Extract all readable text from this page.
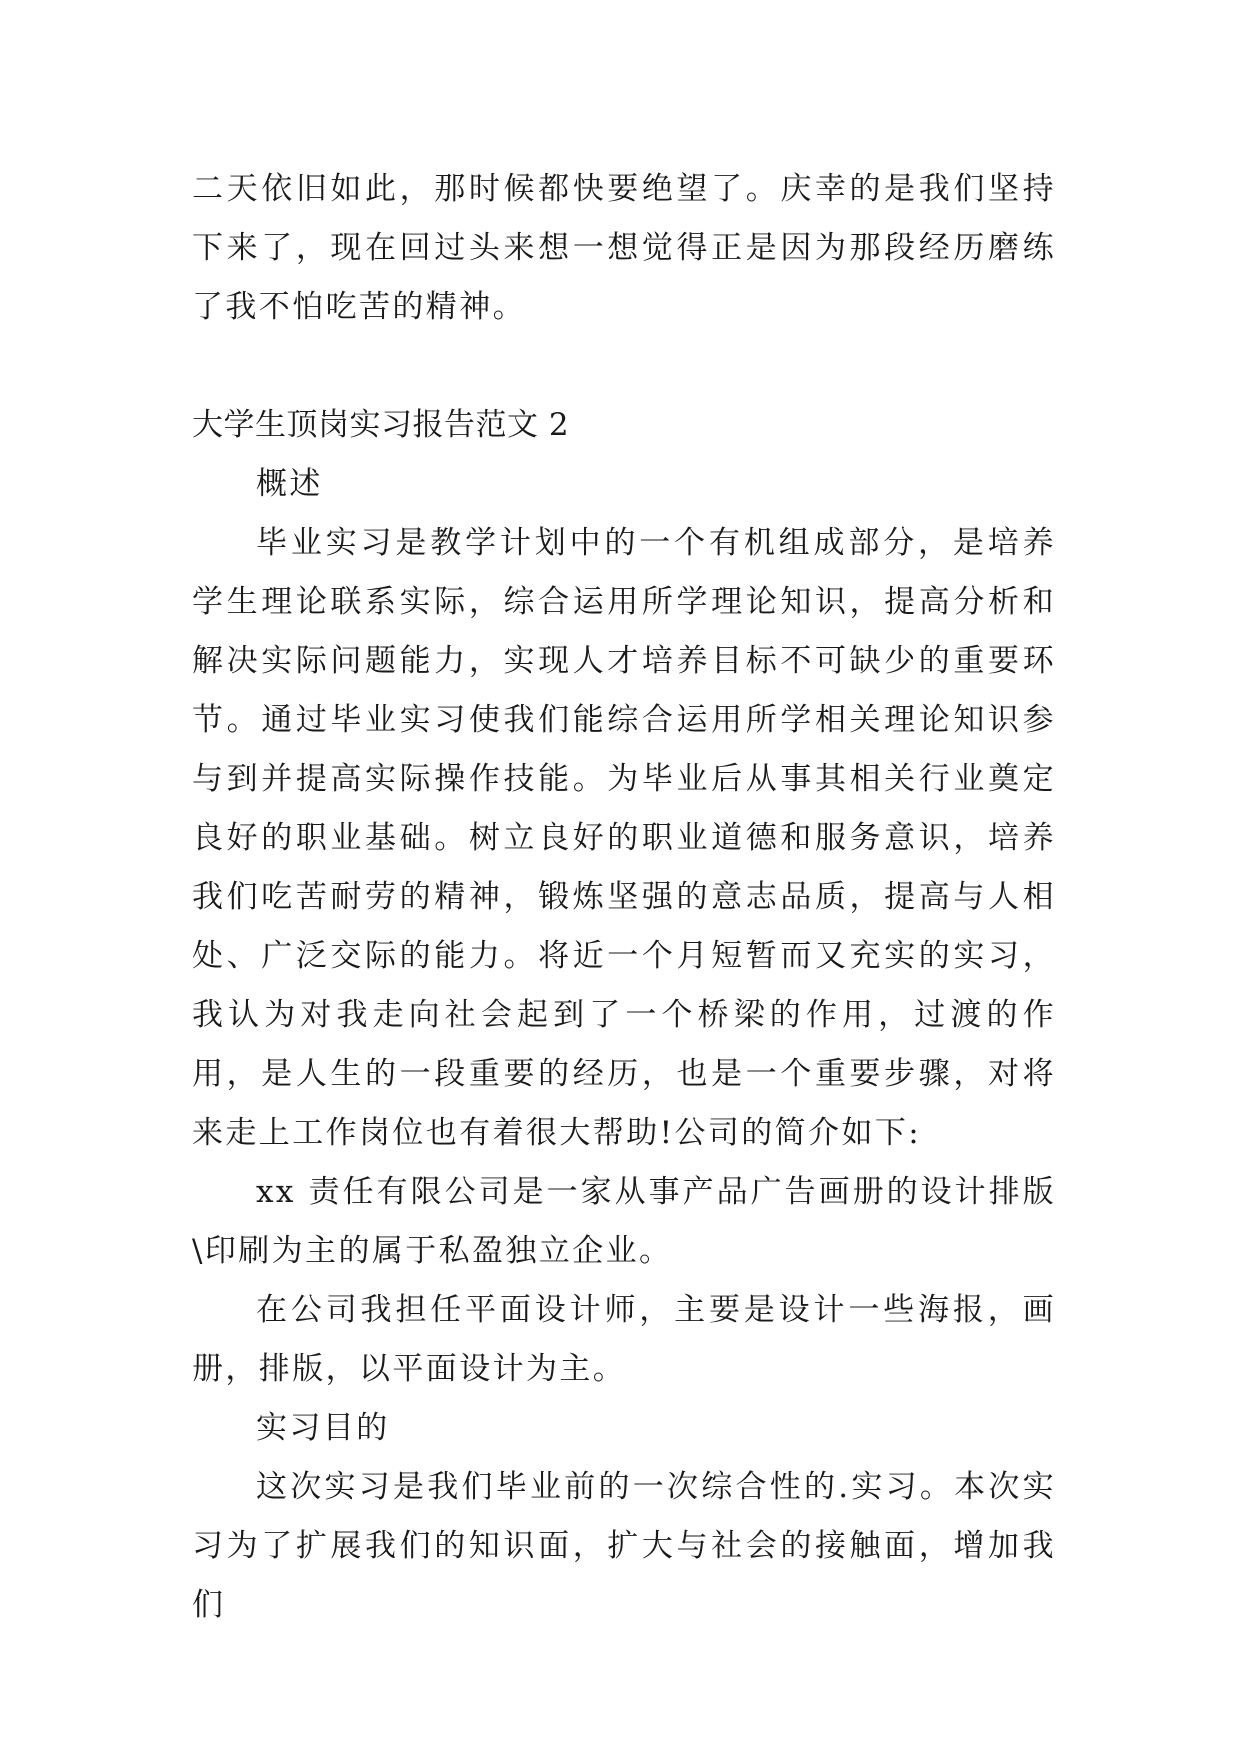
二天依旧如此，那时候都快要绝望了。庆幸的是我们坚持下来了，现在回过头来想一想觉得正是因为那段经历磨练了我不怕吃苦的精神。

大学生顶岗实习报告范文 2

概述

毕业实习是教学计划中的一个有机组成部分，是培养学生理论联系实际，综合运用所学理论知识，提高分析和解决实际问题能力，实现人才培养目标不可缺少的重要环节。通过毕业实习使我们能综合运用所学相关理论知识参与到并提高实际操作技能。为毕业后从事其相关行业奠定良好的职业基础。树立良好的职业道德和服务意识，培养我们吃苦耐劳的精神，锻炼坚强的意志品质，提高与人相处、广泛交际的能力。将近一个月短暂而又充实的实习，我认为对我走向社会起到了一个桥梁的作用，过渡的作用，是人生的一段重要的经历，也是一个重要步骤，对将来走上工作岗位也有着很大帮助!公司的简介如下:

xx 责任有限公司是一家从事产品广告画册的设计排版\印刷为主的属于私盈独立企业。

在公司我担任平面设计师，主要是设计一些海报，画册，排版，以平面设计为主。

实习目的

这次实习是我们毕业前的一次综合性的.实习。本次实习为了扩展我们的知识面，扩大与社会的接触面，增加我们
